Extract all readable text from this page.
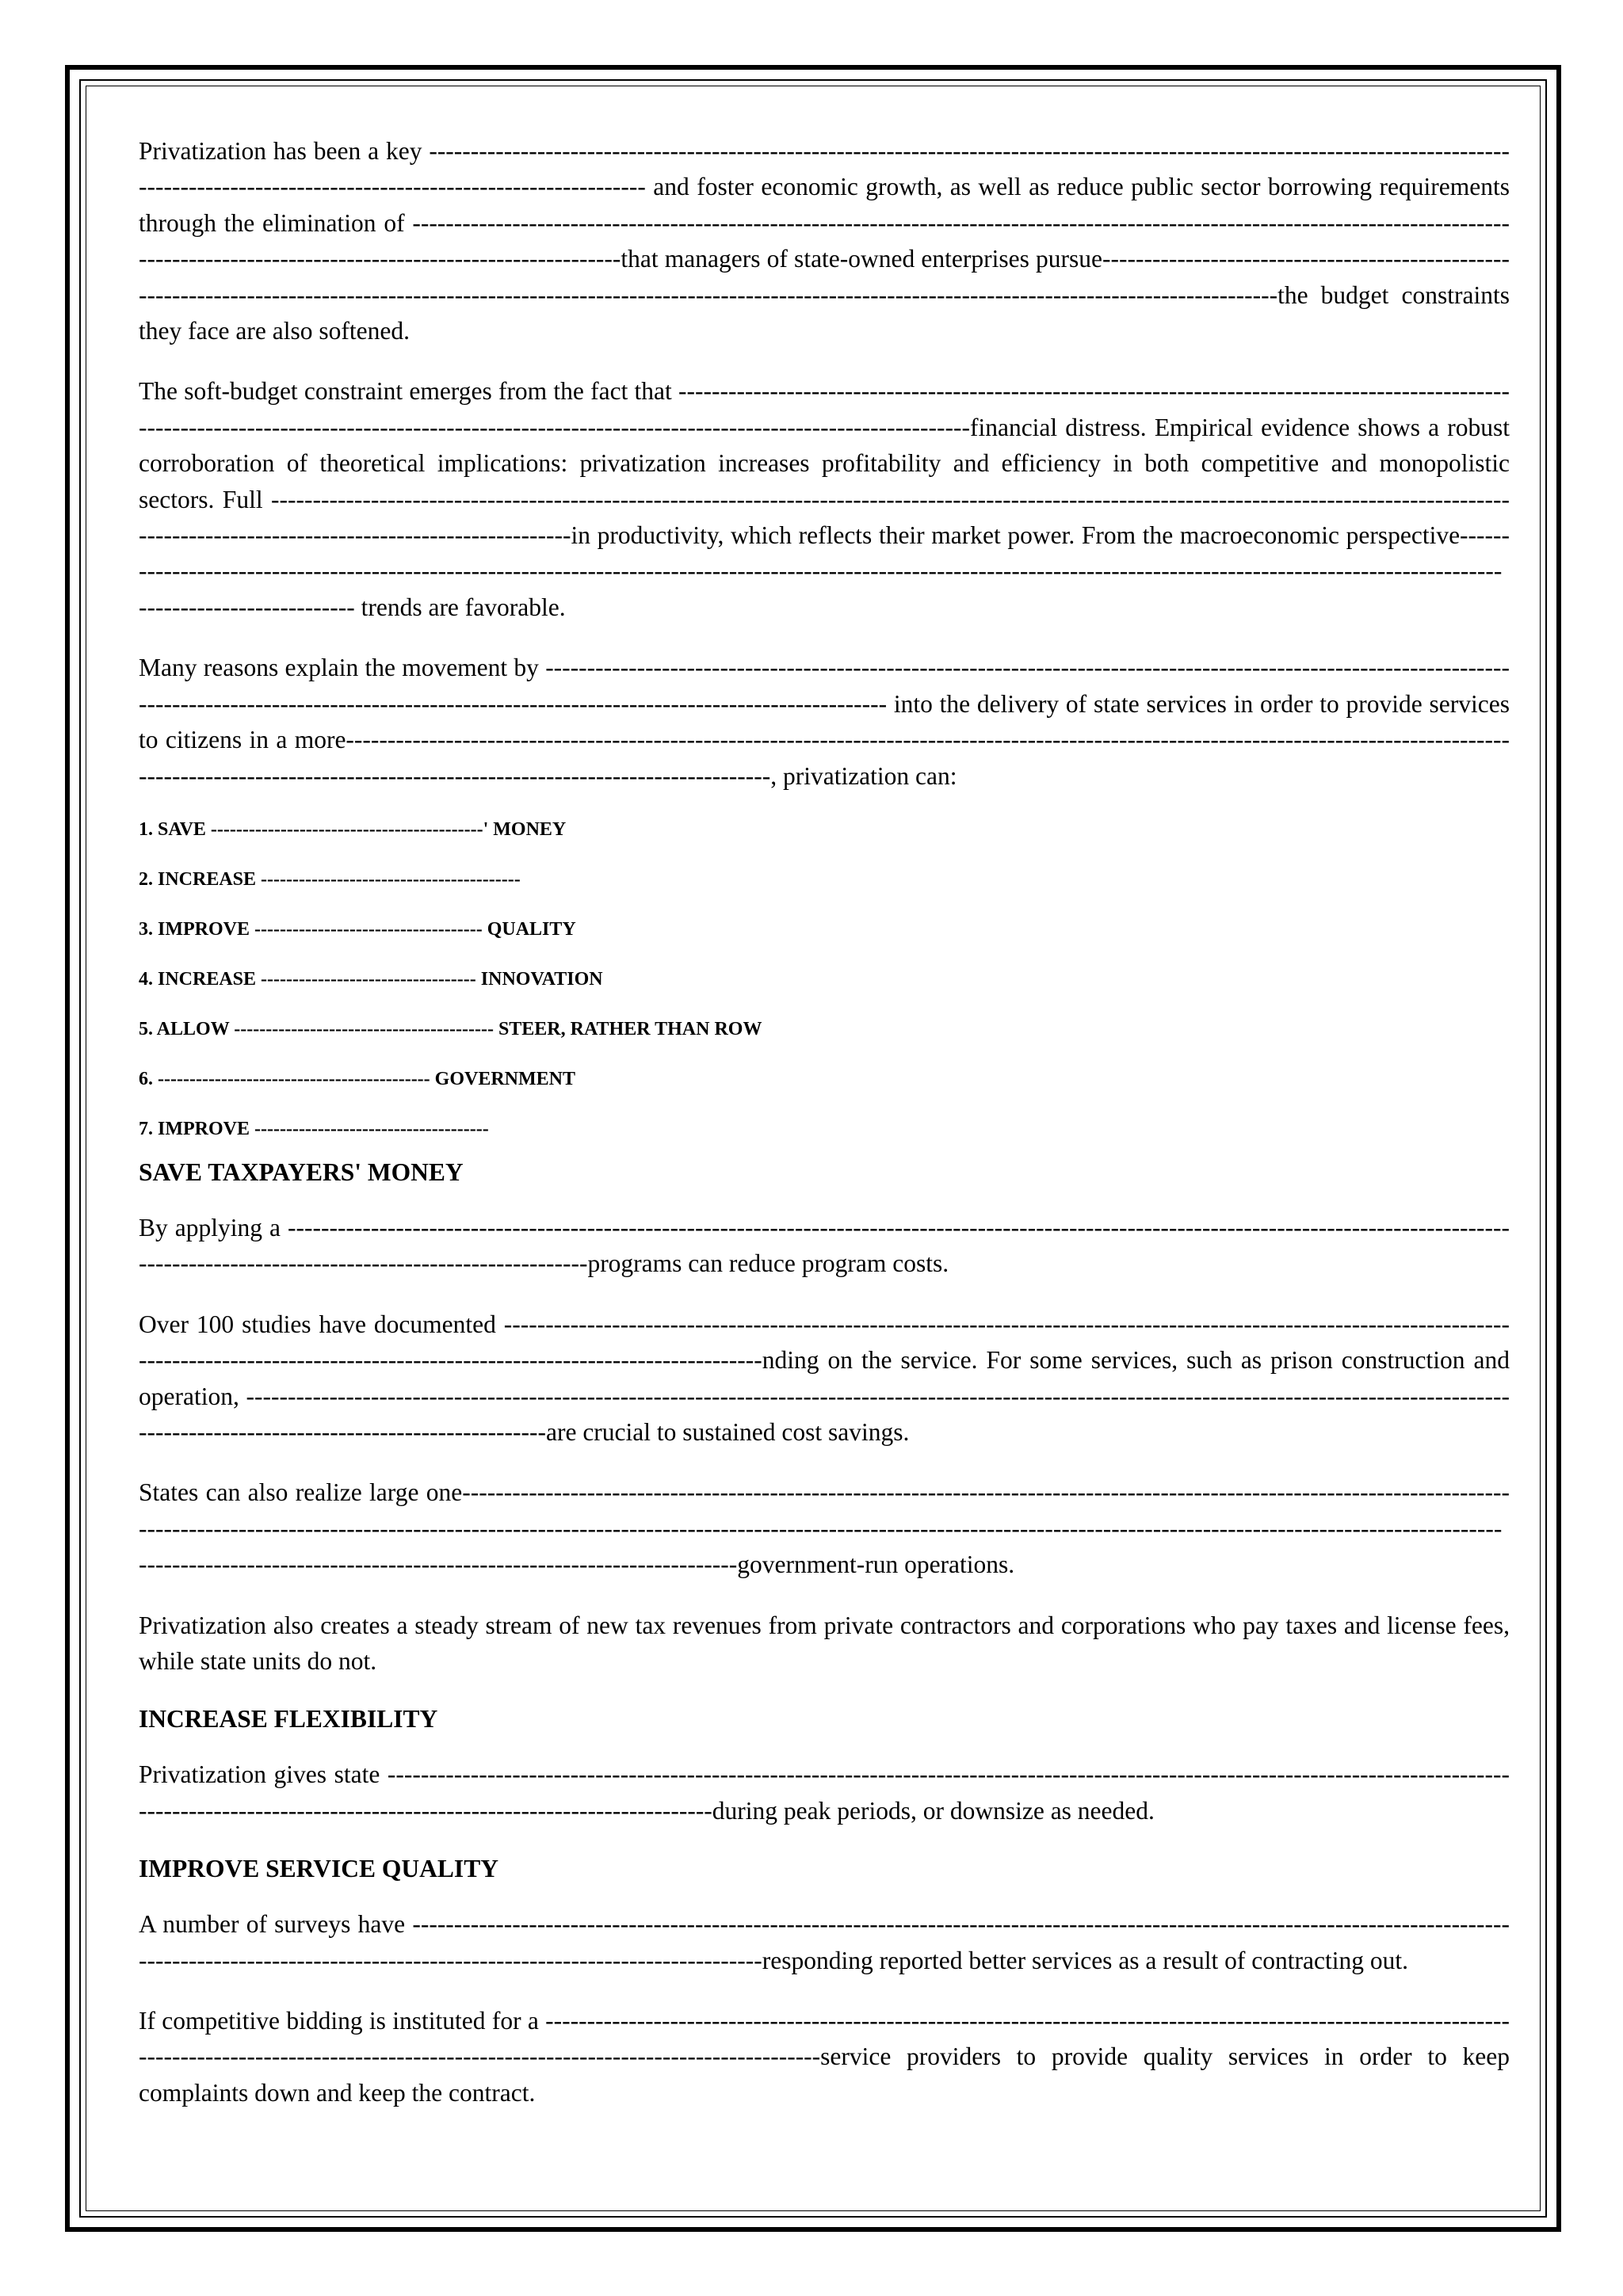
Privatization has been a key ----------------------------------------------------------------------------------------------------------------------------------------------------------------------------------------------- and foster economic growth, as well as reduce public sector borrowing requirements through the elimination of ----------------------------------------------------------------------------------------------------------------------------------------------------------------------------------------------that managers of state-owned enterprises pursue------------------------------------------------------------------------------------------------------------------------------------------------------------------------------------------the budget constraints they face are also softened.

The soft-budget constraint emerges from the fact that --------------------------------------------------------------------------------------------------------------------------------------------------------------------------------------------------------financial distress. Empirical evidence shows a robust corroboration of theoretical implications: privatization increases profitability and efficiency in both competitive and monopolistic sectors. Full ---------------------------------------------------------------------------------------------------------------------------------------------------------------------------------------------------------in productivity, which reflects their market power. From the macroeconomic perspective---------------------------------------------------------------------------------------------------------------------------------------------------------------------------------------------------- trends are favorable.

Many reasons explain the movement by -------------------------------------------------------------------------------------------------------------------------------------------------------------------------------------------------------------- into the delivery of state services in order to provide services to citizens in a more------------------------------------------------------------------------------------------------------------------------------------------------------------------------------------------------------------------------, privatization can:

1. SAVE -------------------------------------------' MONEY
2. INCREASE -----------------------------------------
3. IMPROVE ------------------------------------ QUALITY
4. INCREASE ---------------------------------- INNOVATION
5. ALLOW ----------------------------------------- STEER, RATHER THAN ROW
6. ------------------------------------------- GOVERNMENT
7. IMPROVE -------------------------------------
SAVE TAXPAYERS' MONEY

By applying a ---------------------------------------------------------------------------------------------------------------------------------------------------------------------------------------------------------programs can reduce program costs.

Over 100 studies have documented ----------------------------------------------------------------------------------------------------------------------------------------------------------------------------------------------------nding on the service. For some services, such as prison construction and operation, ---------------------------------------------------------------------------------------------------------------------------------------------------------------------------------------------------------are crucial to sustained cost savings.

States can also realize large one--------------------------------------------------------------------------------------------------------------------------------------------------------------------------------------------------------------------------------------------------------------------------------------------------------------------------------------------------------------------------government-run operations.

Privatization also creates a steady stream of new tax revenues from private contractors and corporations who pay taxes and license fees, while state units do not.

INCREASE FLEXIBILITY

Privatization gives state ------------------------------------------------------------------------------------------------------------------------------------------------------------------------------------------------------------during peak periods, or downsize as needed.

IMPROVE SERVICE QUALITY

A number of surveys have ---------------------------------------------------------------------------------------------------------------------------------------------------------------------------------------------------------------responding reported better services as a result of contracting out.

If competitive bidding is instituted for a ------------------------------------------------------------------------------------------------------------------------------------------------------------------------------------------------------service providers to provide quality services in order to keep complaints down and keep the contract.
